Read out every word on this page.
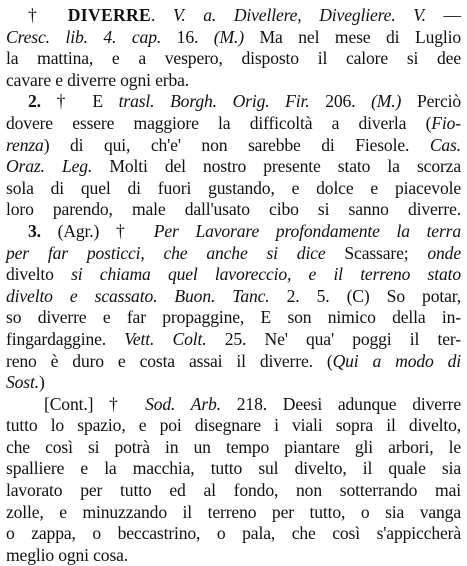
† DIVERRE. V. a. Divellere, Divegliere. V. —
Cresc. lib. 4. cap. 16. (M.) Ma nel mese di Luglio
la mattina, e a vespero, disposto il calore si dee
cavare e diverre ogni erba.
2. † E trasl. Borgh. Orig. Fir. 206. (M.) Perciò
dovere essere maggiore la difficoltà a diverla (Fio-
renza) di qui, ch'e' non sarebbe di Fiesole. Cas.
Oraz. Leg. Molti del nostro presente stato la scorza
sola di quel di fuori gustando, e dolce e piacevole
loro parendo, male dall'usato cibo si sanno diverre.
3. (Agr.) † Per Lavorare profondamente la terra
per far posticci, che anche si dice Scassare; onde
divelto si chiama quel lavoreccio, e il terreno stato
divelto e scassato. Buon. Tanc. 2. 5. (C) So potar,
so diverre e far propaggine, E son nimico della in-
fingardaggine. Vett. Colt. 25. Ne' qua' poggi il ter-
reno è duro e costa assai il diverre. (Qui a modo di
Sost.)
[Cont.] † Sod. Arb. 218. Deesi adunque diverre
tutto lo spazio, e poi disegnare i viali sopra il divelto,
che così si potrà in un tempo piantare gli arbori, le
spalliere e la macchia, tutto sul divelto, il quale sia
lavorato per tutto ed al fondo, non sotterrando mai
zolle, e minuzzando il terreno per tutto, o sia vanga
o zappa, o beccastrino, o pala, che così s'appiccherà
meglio ogni cosa.
